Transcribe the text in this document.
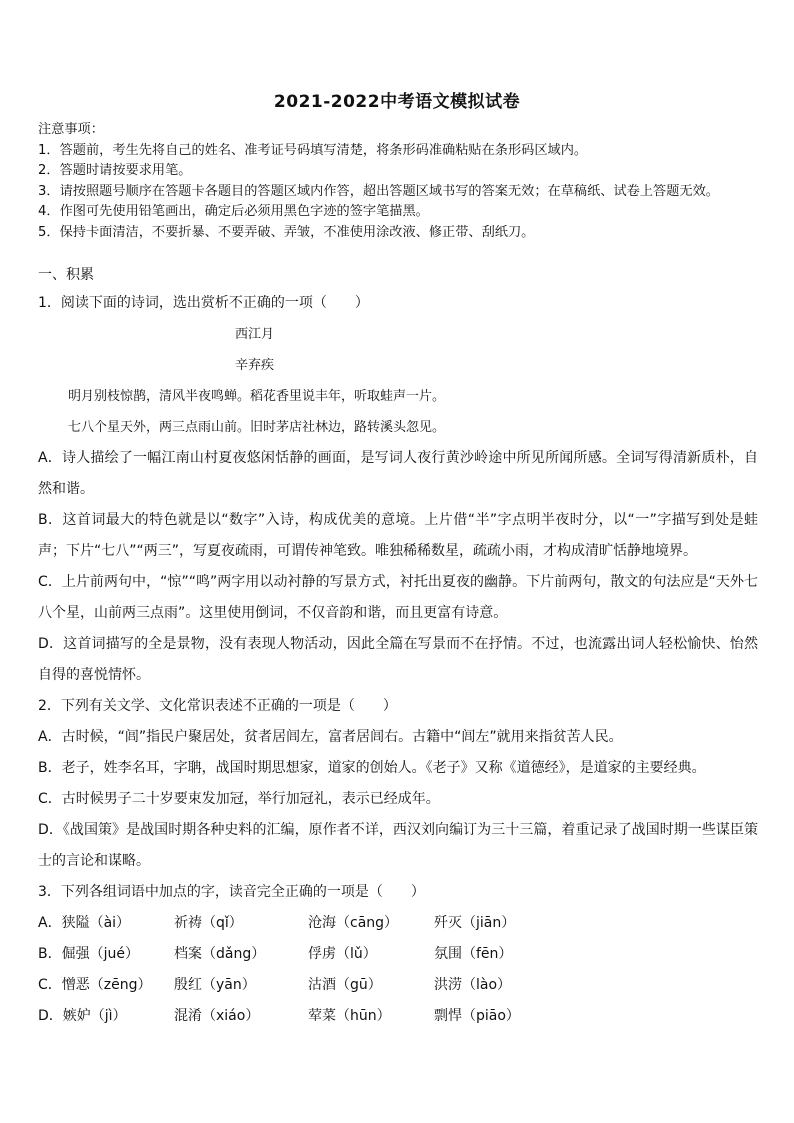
2021-2022中考语文模拟试卷
注意事项：
1．答题前，考生先将自己的姓名、准考证号码填写清楚，将条形码准确粘贴在条形码区域内。
2．答题时请按要求用笔。
3．请按照题号顺序在答题卡各题目的答题区域内作答，超出答题区域书写的答案无效；在草稿纸、试卷上答题无效。
4．作图可先使用铅笔画出，确定后必须用黑色字迹的签字笔描黑。
5．保持卡面清洁，不要折暴、不要弄破、弄皱，不准使用涂改液、修正带、刮纸刀。
一、积累
1．阅读下面的诗词，选出赏析不正确的一项（　　）
西江月
辛弃疾
明月别枝惊鹊，清风半夜鸣蝉。稻花香里说丰年，听取蛙声一片。
七八个星天外，两三点雨山前。旧时茅店社林边，路转溪头忽见。
A．诗人描绘了一幅江南山村夏夜悠闲恬静的画面，是写词人夜行黄沙岭途中所见所闻所感。全词写得清新质朴，自然和谐。
B．这首词最大的特色就是以“数字”入诗，构成优美的意境。上片借“半”字点明半夜时分，以“一”字描写到处是蛙声；下片“七八”“两三”，写夏夜疏雨，可谓传神笔致。唯独稀稀数星，疏疏小雨，才构成清旷恬静地境界。
C．上片前两句中，“惊”“鸣”两字用以动衬静的写景方式，衬托出夏夜的幽静。下片前两句，散文的句法应是“天外七八个星，山前两三点雨”。这里使用倒词，不仅音韵和谐，而且更富有诗意。
D．这首词描写的全是景物，没有表现人物活动，因此全篇在写景而不在抒情。不过，也流露出词人轻松愉快、怡然自得的喜悦情怀。
2．下列有关文学、文化常识表述不正确的一项是（　　）
A．古时候，“闾”指民户聚居处，贫者居闾左，富者居闾右。古籍中“闾左”就用来指贫苦人民。
B．老子，姓李名耳，字聃，战国时期思想家，道家的创始人。《老子》又称《道德经》，是道家的主要经典。
C．古时候男子二十岁要束发加冠，举行加冠礼，表示已经成年。
D．《战国策》是战国时期各种史料的汇编，原作者不详，西汉刘向编订为三十三篇，着重记录了战国时期一些谋臣策士的言论和谋略。
3．下列各组词语中加点的字，读音完全正确的一项是（　　）
A．狭隘（ài）	祈祷（qǐ）	沧海（cāng）	歼灭（jiān）
B．倔强（jué）	档案（dǎng）	俘虏（lǔ）	氛围（fēn）
C．憎恶（zēng）	殷红（yān）	沽酒（gū）	洪涝（lào）
D．嫉妒（jì）	混淆（xiáo）	荤菜（hūn）	剽悍（piāo）
